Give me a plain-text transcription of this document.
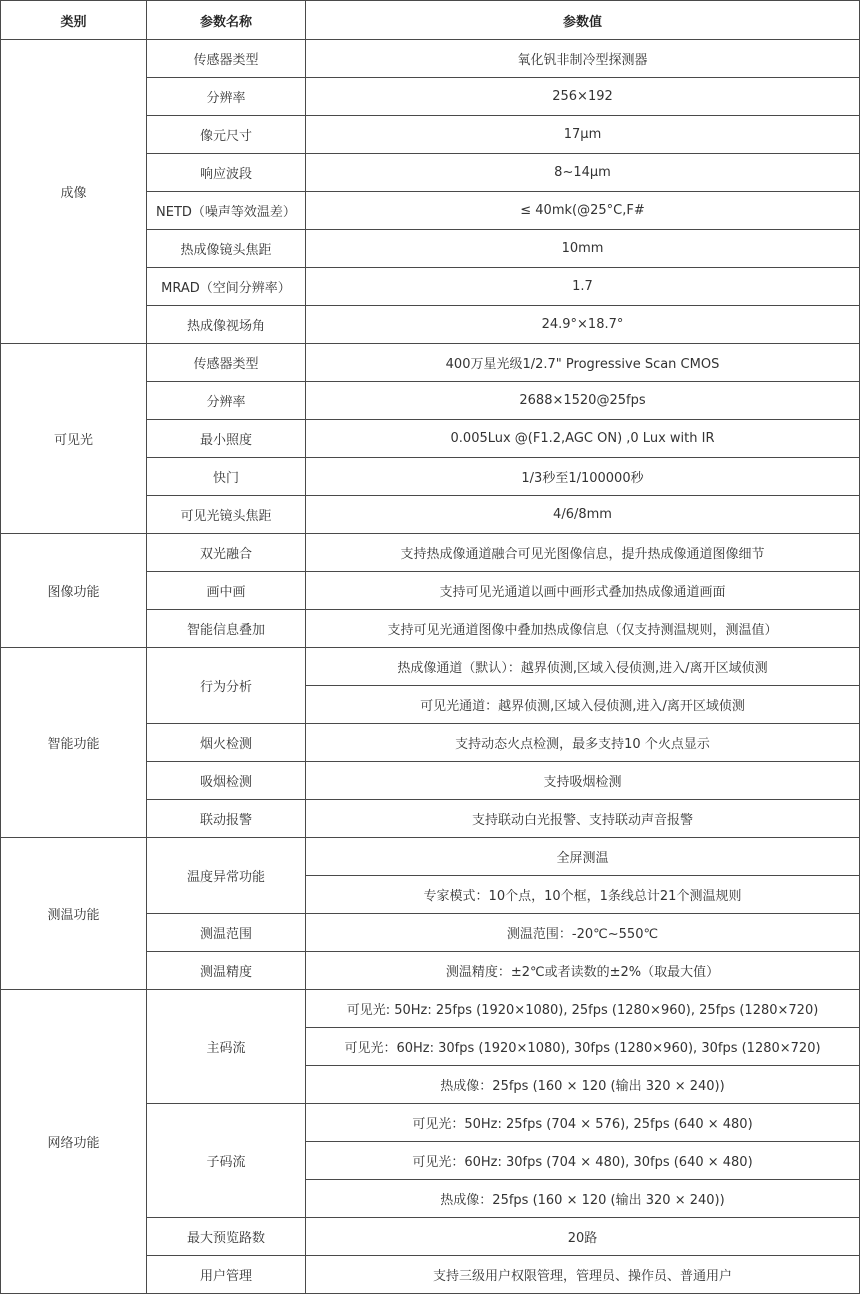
类别	参数名称	参数值
成像	传感器类型	氧化钒非制冷型探测器
	分辨率	256×192
	像元尺寸	17μm
	响应波段	8~14μm
	NETD（噪声等效温差）	≤ 40mk(@25°C,F#
	热成像镜头焦距	10mm
	MRAD（空间分辨率）	1.7
	热成像视场角	24.9°×18.7°
可见光	传感器类型	400万星光级1/2.7" Progressive Scan CMOS
	分辨率	2688×1520@25fps
	最小照度	0.005Lux @(F1.2,AGC ON) ,0 Lux with IR
	快门	1/3秒至1/100000秒
	可见光镜头焦距	4/6/8mm
图像功能	双光融合	支持热成像通道融合可见光图像信息，提升热成像通道图像细节
	画中画	支持可见光通道以画中画形式叠加热成像通道画面
	智能信息叠加	支持可见光通道图像中叠加热成像信息（仅支持测温规则，测温值）
智能功能	行为分析	热成像通道（默认）：越界侦测,区域入侵侦测,进入/离开区域侦测
		可见光通道：越界侦测,区域入侵侦测,进入/离开区域侦测
	烟火检测	支持动态火点检测，最多支持10 个火点显示
	吸烟检测	支持吸烟检测
	联动报警	支持联动白光报警、支持联动声音报警
测温功能	温度异常功能	全屏测温
		专家模式：10个点，10个框，1条线总计21个测温规则
	测温范围	测温范围：-20℃~550℃
	测温精度	测温精度：±2℃或者读数的±2%（取最大值）
网络功能	主码流	可见光: 50Hz: 25fps (1920×1080), 25fps (1280×960), 25fps (1280×720)
		可见光：60Hz: 30fps (1920×1080), 30fps (1280×960), 30fps (1280×720)
		热成像：25fps (160 × 120 (输出 320 × 240))
	子码流	可见光：50Hz: 25fps (704 × 576), 25fps (640 × 480)
		可见光：60Hz: 30fps (704 × 480), 30fps (640 × 480)
		热成像：25fps (160 × 120 (输出 320 × 240))
	最大预览路数	20路
	用户管理	支持三级用户权限管理，管理员、操作员、普通用户
